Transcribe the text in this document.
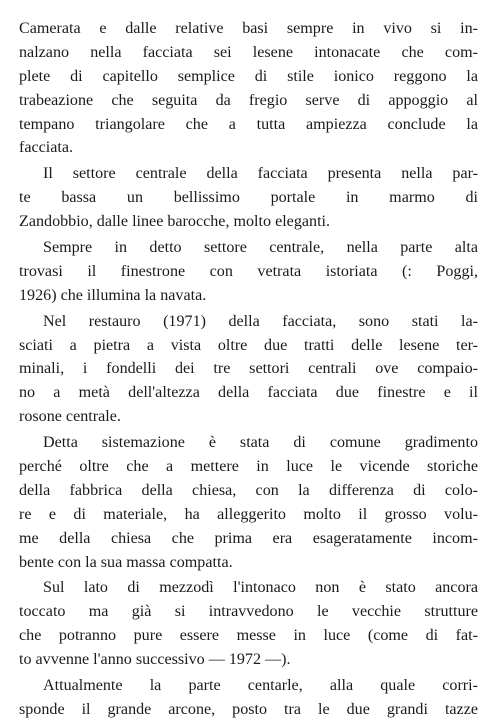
Camerata e dalle relative basi sempre in vivo si in-
nalzano nella facciata sei lesene intonacate che com-
plete di capitello semplice di stile ionico reggono la
trabeazione che seguita da fregio serve di appoggio al
tempano triangolare che a tutta ampiezza conclude la
facciata.

Il settore centrale della facciata presenta nella par-
te bassa un bellissimo portale in marmo di
Zandobbio, dalle linee barocche, molto eleganti.

Sempre in detto settore centrale, nella parte alta
trovasi il finestrone con vetrata istoriata (: Poggi,
1926) che illumina la navata.

Nel restauro (1971) della facciata, sono stati la-
sciati a pietra a vista oltre due tratti delle lesene ter-
minali, i fondelli dei tre settori centrali ove compaio-
no a metà dell'altezza della facciata due finestre e il
rosone centrale.

Detta sistemazione è stata di comune gradimento
perché oltre che a mettere in luce le vicende storiche
della fabbrica della chiesa, con la differenza di colo-
re e di materiale, ha alleggerito molto il grosso volu-
me della chiesa che prima era esageratamente incom-
bente con la sua massa compatta.

Sul lato di mezzodì l'intonaco non è stato ancora
toccato ma già si intravvedono le vecchie strutture
che potranno pure essere messe in luce (come di fat-
to avvenne l'anno successivo — 1972 —).

Attualmente la parte centarle, alla quale corri-
sponde il grande arcone, posto tra le due grandi tazze
